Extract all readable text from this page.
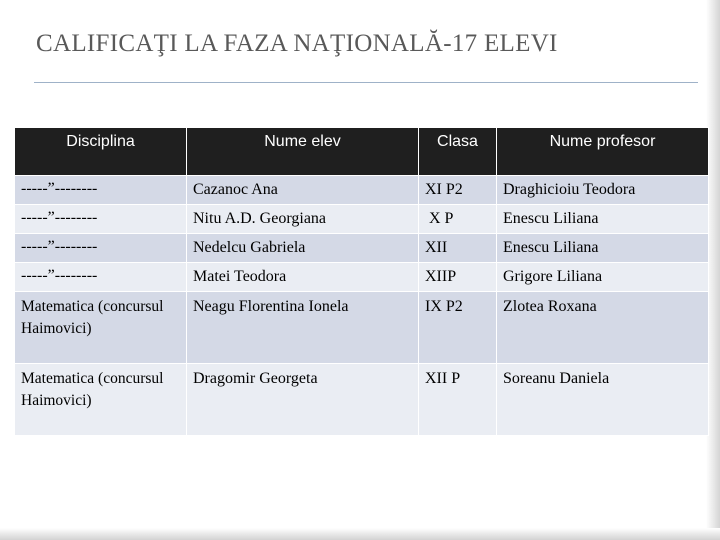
CALIFICAŢI LA FAZA NAŢIONALĂ-17 ELEVI
Disciplina	Nume elev	Clasa	Nume profesor
-----”--------	Cazanoc Ana	XI P2	Draghicioiu Teodora
-----”--------	Nitu A.D. Georgiana	X P	Enescu Liliana
-----”--------	Nedelcu Gabriela	XII	Enescu Liliana
-----”--------	Matei Teodora	XIIP	Grigore Liliana
Matematica (concursul Haimovici)	Neagu Florentina Ionela	IX P2	Zlotea Roxana
Matematica (concursul Haimovici)	Dragomir Georgeta	XII P	Soreanu Daniela
